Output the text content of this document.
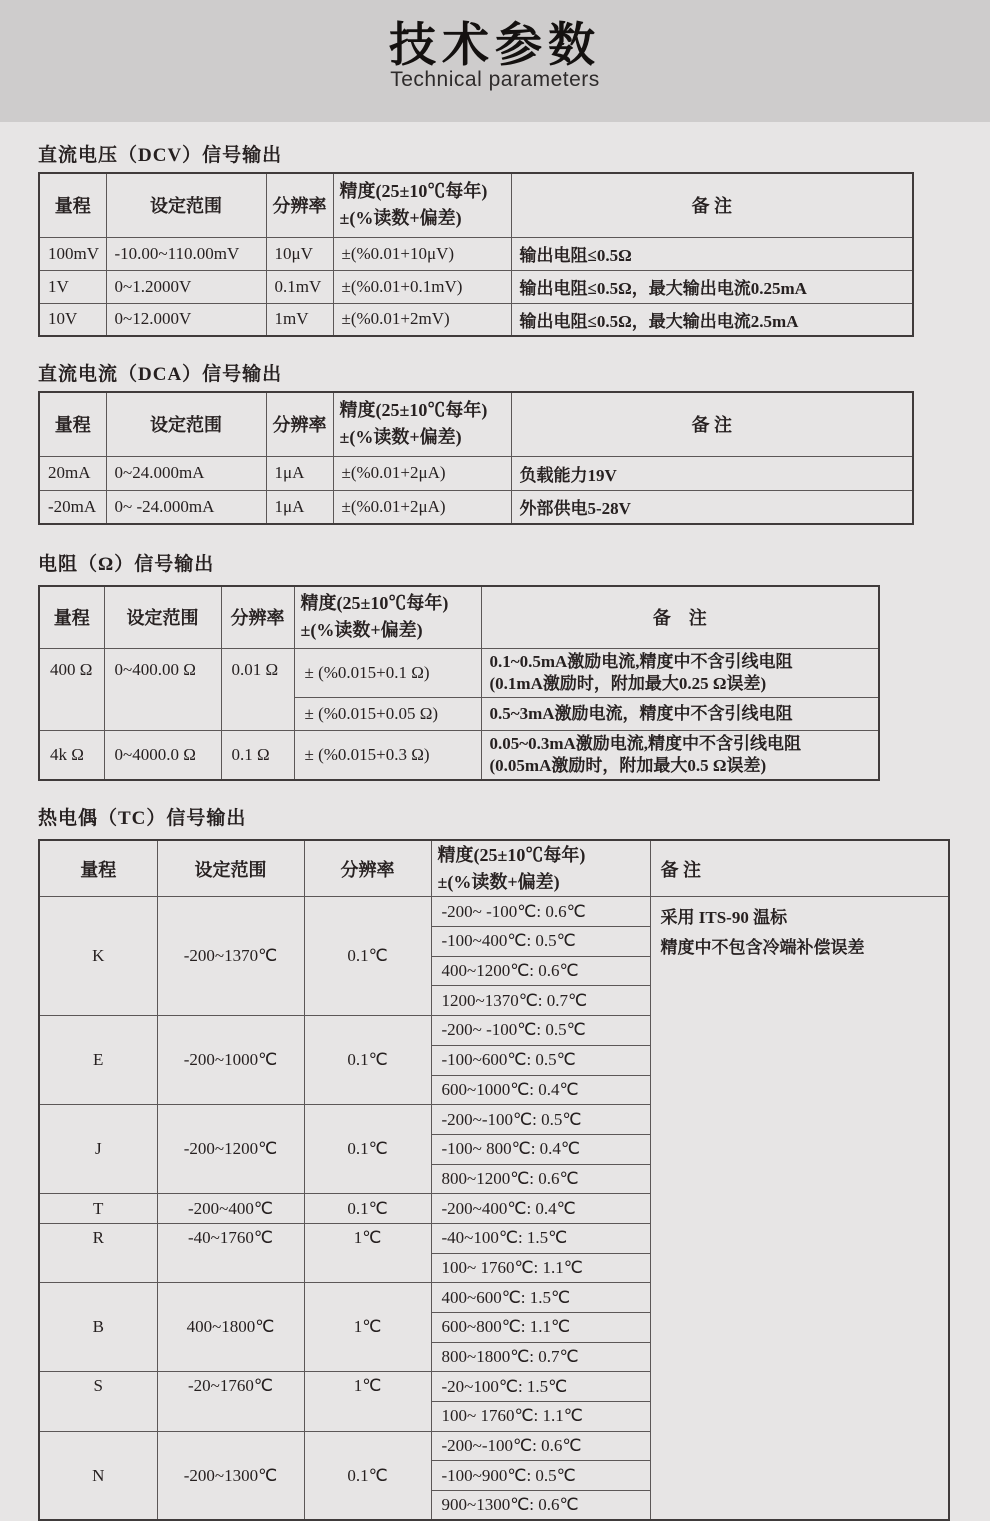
技术参数
Technical parameters
直流电压（DCV）信号输出
量程	设定范围	分辨率	精度(25±10℃每年)
±(%读数+偏差)	备 注
100mV	-10.00~110.00mV	10μV	±(%0.01+10μV)	输出电阻≤0.5Ω
1V	0~1.2000V	0.1mV	±(%0.01+0.1mV)	输出电阻≤0.5Ω，最大输出电流0.25mA
10V	0~12.000V	1mV	±(%0.01+2mV)	输出电阻≤0.5Ω，最大输出电流2.5mA
直流电流（DCA）信号输出
量程	设定范围	分辨率	精度(25±10℃每年)
±(%读数+偏差)	备 注
20mA	0~24.000mA	1μA	±(%0.01+2μA)	负载能力19V
-20mA	0~ -24.000mA	1μA	±(%0.01+2μA)	外部供电5-28V
电阻（Ω）信号输出
量程	设定范围	分辨率	精度(25±10℃每年)
±(%读数+偏差)	备　注
400 Ω	0~400.00 Ω	0.01 Ω	± (%0.015+0.1 Ω)	0.1~0.5mA激励电流,精度中不含引线电阻
(0.1mA激励时，附加最大0.25 Ω误差)

			± (%0.015+0.05 Ω)	0.5~3mA激励电流，精度中不含引线电阻
4k Ω	0~4000.0 Ω	0.1 Ω	± (%0.015+0.3 Ω)	0.05~0.3mA激励电流,精度中不含引线电阻
(0.05mA激励时，附加最大0.5 Ω误差)
热电偶（TC）信号输出
量程	设定范围	分辨率	精度(25±10℃每年)
±(%读数+偏差)	备 注
K	-200~1370℃	0.1℃	-200~ -100℃: 0.6℃	采用 ITS-90 温标
精度中不包含冷端补偿误差

			-100~400℃: 0.5℃	
			400~1200℃: 0.6℃	
			1200~1370℃: 0.7℃	
E	-200~1000℃	0.1℃	-200~ -100℃: 0.5℃	
			-100~600℃: 0.5℃	
			600~1000℃: 0.4℃	
J	-200~1200℃	0.1℃	-200~-100℃: 0.5℃	
			-100~ 800℃: 0.4℃	
			800~1200℃: 0.6℃	
T	-200~400℃	0.1℃	-200~400℃: 0.4℃	
R	-40~1760℃	1℃	-40~100℃: 1.5℃	
			100~ 1760℃: 1.1℃	
B	400~1800℃	1℃	400~600℃: 1.5℃	
			600~800℃: 1.1℃	
			800~1800℃: 0.7℃	
S	-20~1760℃	1℃	-20~100℃: 1.5℃	
			100~ 1760℃: 1.1℃	
N	-200~1300℃	0.1℃	-200~-100℃: 0.6℃	
			-100~900℃: 0.5℃	
			900~1300℃: 0.6℃	
